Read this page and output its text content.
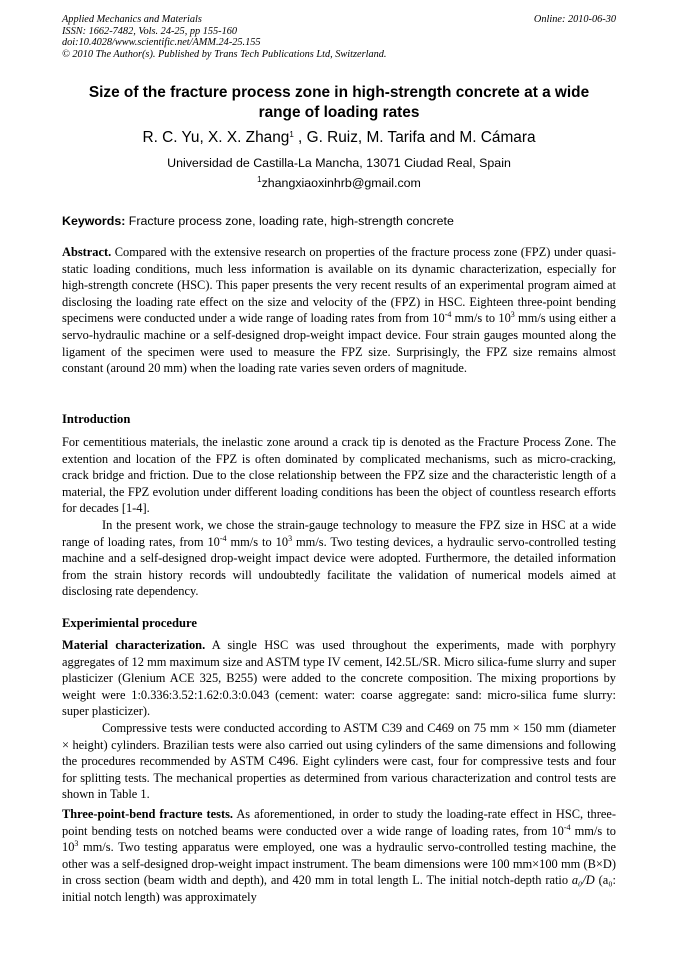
Applied Mechanics and Materials
ISSN: 1662-7482, Vols. 24-25, pp 155-160
doi:10.4028/www.scientific.net/AMM.24-25.155
© 2010 The Author(s). Published by Trans Tech Publications Ltd, Switzerland.
Online: 2010-06-30
Size of the fracture process zone in high-strength concrete at a wide
range of loading rates
R. C. Yu, X. X. Zhang$^1$ , G. Ruiz, M. Tarifa and M. Cámara
Universidad de Castilla-La Mancha, 13071 Ciudad Real, Spain
$^1$zhangxiaoxinhrb@gmail.com
Keywords: Fracture process zone, loading rate, high-strength concrete

Abstract. Compared with the extensive research on properties of the fracture process zone (FPZ) under quasi-static loading conditions, much less information is available on its dynamic characterization, especially for high-strength concrete (HSC). This paper presents the very recent results of an experimental program aimed at disclosing the loading rate effect on the size and velocity of the (FPZ) in HSC. Eighteen three-point bending specimens were conducted under a wide range of loading rates from from $10^{-4}$ mm/s to $10^3$ mm/s using either a servo-hydraulic machine or a self-designed drop-weight impact device. Four strain gauges mounted along the ligament of the specimen were used to measure the FPZ size. Surprisingly, the FPZ size remains almost constant (around 20 mm) when the loading rate varies seven orders of magnitude.

Introduction

For cementitious materials, the inelastic zone around a crack tip is denoted as the Fracture Process Zone. The extention and location of the FPZ is often dominated by complicated mechanisms, such as micro-cracking, crack bridge and friction. Due to the close relationship between the FPZ size and the characteristic length of a material, the FPZ evolution under different loading conditions has been the object of countless research efforts for decades [1-4].

In the present work, we chose the strain-gauge technology to measure the FPZ size in HSC at a wide range of loading rates, from $10^{-4}$ mm/s to $10^3$ mm/s. Two testing devices, a hydraulic servo-controlled testing machine and a self-designed drop-weight impact device were adopted. Furthermore, the detailed information from the strain history records will undoubtedly facilitate the validation of numerical models aimed at disclosing rate dependency.

Experimiental procedure

Material characterization. A single HSC was used throughout the experiments, made with porphyry aggregates of 12 mm maximum size and ASTM type IV cement, I42.5L/SR. Micro silica-fume slurry and super plasticizer (Glenium ACE 325, B255) were added to the concrete composition. The mixing proportions by weight were 1:0.336:3.52:1.62:0.3:0.043 (cement: water: coarse aggregate: sand: micro-silica fume slurry: super plasticizer).

Compressive tests were conducted according to ASTM C39 and C469 on 75 mm × 150 mm (diameter × height) cylinders. Brazilian tests were also carried out using cylinders of the same dimensions and following the procedures recommended by ASTM C496. Eight cylinders were cast, four for compressive tests and four for splitting tests. The mechanical properties as determined from various characterization and control tests are shown in Table 1.

Three-point-bend fracture tests. As aforementioned, in order to study the loading-rate effect in HSC, three-point bending tests on notched beams were conducted over a wide range of loading rates, from $10^{-4}$ mm/s to $10^3$ mm/s. Two testing apparatus were employed, one was a hydraulic servo-controlled testing machine, the other was a self-designed drop-weight impact instrument. The beam dimensions were 100 mm×100 mm (B×D) in cross section (beam width and depth), and 420 mm in total length L. The initial notch-depth ratio a₀/D (a₀: initial notch length) was approximately
